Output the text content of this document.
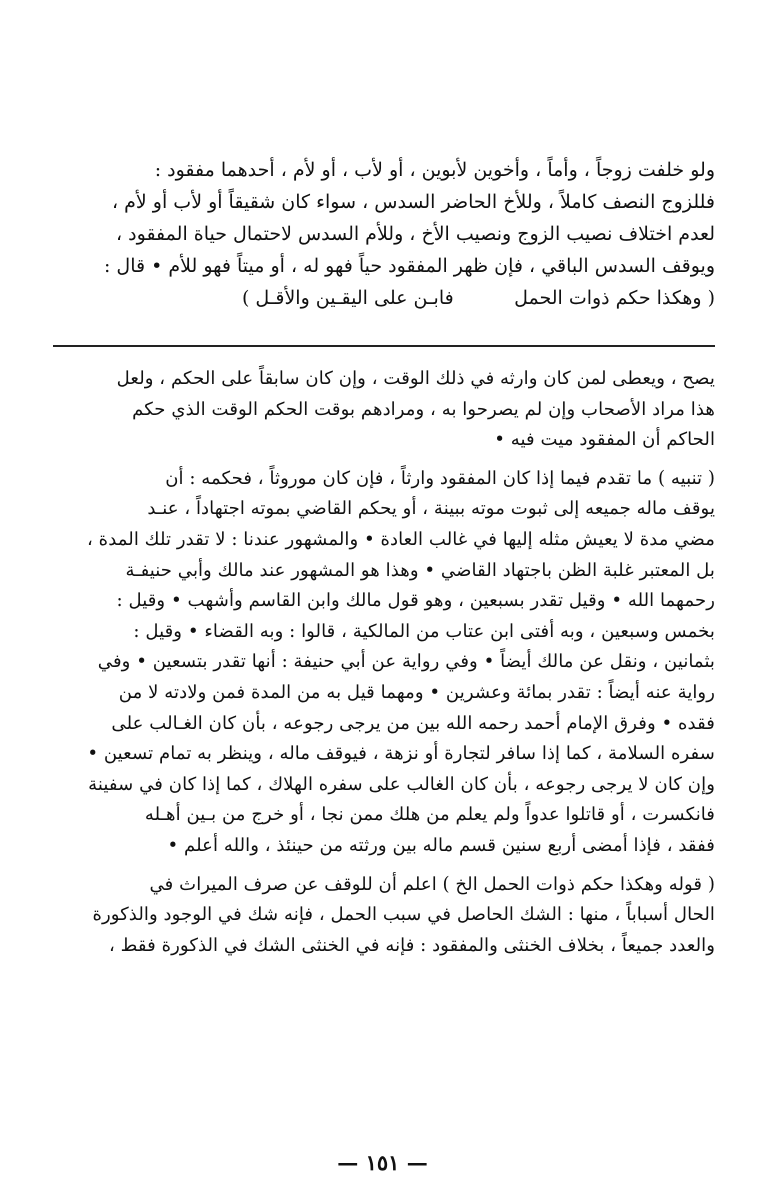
ولو خلفت زوجاً ، وأماً ، وأخوين لأبوين ، أو لأب ، أو لأم ، أحدهما مفقود :
فللزوج النصف كاملاً ، وللأخ الحاضر السدس ، سواء كان شقيقاً أو لأب أو لأم ،
لعدم اختلاف نصيب الزوج ونصيب الأخ ، وللأم السدس لاحتمال حياة المفقود ،
ويوقف السدس الباقي ، فإن ظهر المفقود حياً فهو له ، أو ميتاً فهو للأم • قال :
( وهكذا حكم ذوات الحمل          فابـن على اليقـين والأقـل )
يصح ، ويعطى لمن كان وارثه في ذلك الوقت ، وإن كان سابقاً على الحكم ، ولعل
هذا مراد الأصحاب وإن لم يصرحوا به ، ومرادهم بوقت الحكم الوقت الذي حكم
الحاكم أن المفقود ميت فيه •
( تنبيه ) ما تقدم فيما إذا كان المفقود وارثاً ، فإن كان موروثاً ، فحكمه : أن
يوقف ماله جميعه إلى ثبوت موته ببينة ، أو يحكم القاضي بموته اجتهاداً ، عنـد
مضي مدة لا يعيش مثله إليها في غالب العادة • والمشهور عندنا : لا تقدر تلك المدة ،
بل المعتبر غلبة الظن باجتهاد القاضي • وهذا هو المشهور عند مالك وأبي حنيفـة
رحمهما الله • وقيل تقدر بسبعين ، وهو قول مالك وابن القاسم وأشهب • وقيل :
بخمس وسبعين ، وبه أفتى ابن عتاب من المالكية ، قالوا : وبه القضاء • وقيل :
بثمانين ، ونقل عن مالك أيضاً • وفي رواية عن أبي حنيفة : أنها تقدر بتسعين • وفي
رواية عنه أيضاً : تقدر بمائة وعشرين • ومهما قيل به من المدة فمن ولادته لا من
فقده • وفرق الإمام أحمد رحمه الله بين من يرجى رجوعه ، بأن كان الغـالب على
سفره السلامة ، كما إذا سافر لتجارة أو نزهة ، فيوقف ماله ، وينظر به تمام تسعين •
وإن كان لا يرجى رجوعه ، بأن كان الغالب على سفره الهلاك ، كما إذا كان في سفينة
فانكسرت ، أو قاتلوا عدواً ولم يعلم من هلك ممن نجا ، أو خرج من بـين أهـله
ففقد ، فإذا أمضى أربع سنين قسم ماله بين ورثته من حينئذ ، والله أعلم •
( قوله وهكذا حكم ذوات الحمل الخ ) اعلم أن للوقف عن صرف الميراث في
الحال أسباباً ، منها : الشك الحاصل في سبب الحمل ، فإنه شك في الوجود والذكورة
والعدد جميعاً ، بخلاف الخنثى والمفقود : فإنه في الخنثى الشك في الذكورة فقط ،
— ١٥١ —
